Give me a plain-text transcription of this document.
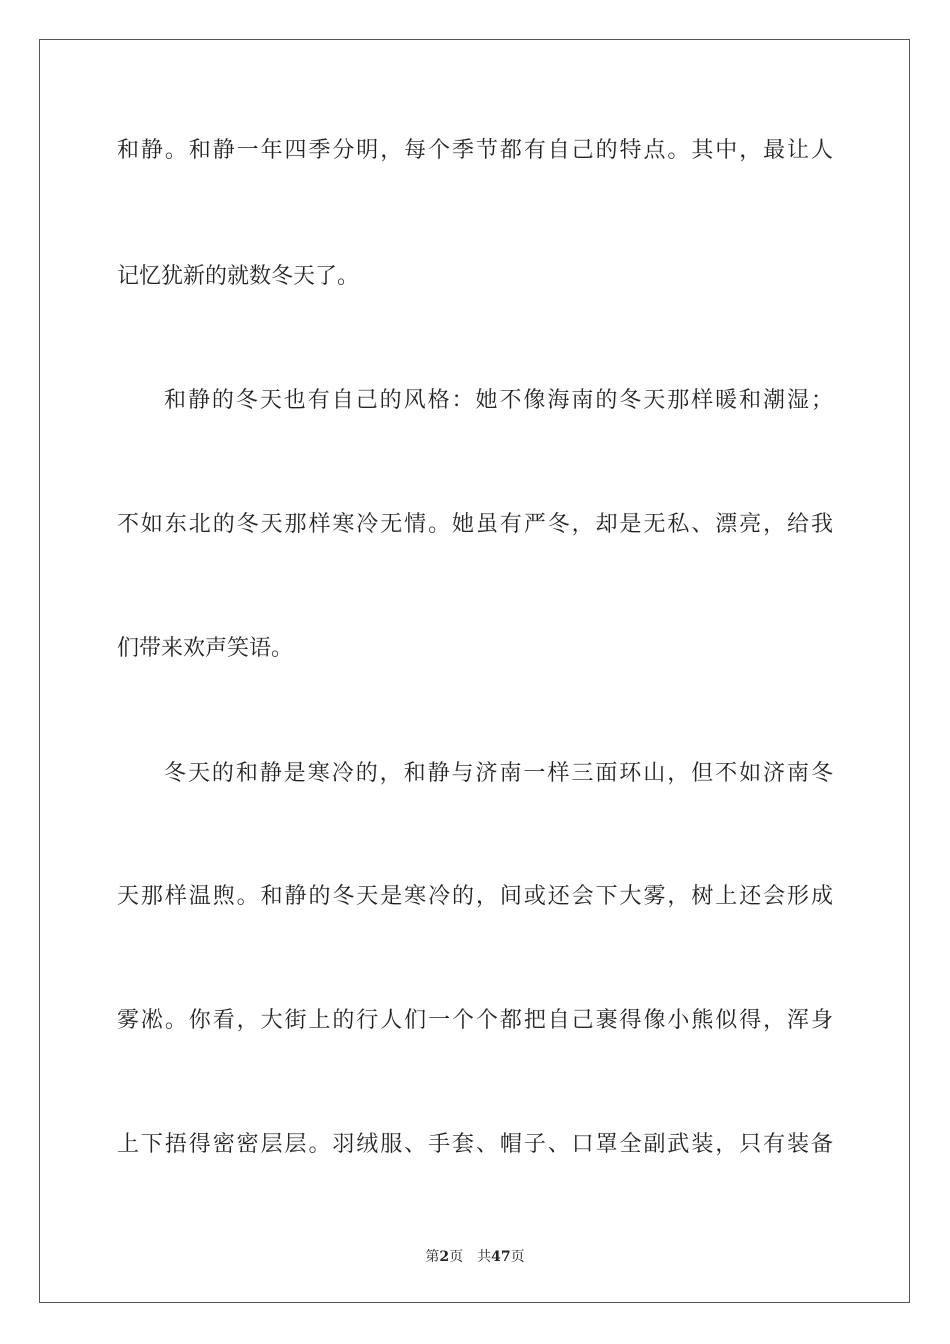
和静。和静一年四季分明，每个季节都有自己的特点。其中，最让人

记忆犹新的就数冬天了。

和静的冬天也有自己的风格：她不像海南的冬天那样暖和潮湿；

不如东北的冬天那样寒冷无情。她虽有严冬，却是无私、漂亮，给我

们带来欢声笑语。

冬天的和静是寒冷的，和静与济南一样三面环山，但不如济南冬

天那样温煦。和静的冬天是寒冷的，间或还会下大雾，树上还会形成

雾凇。你看，大街上的行人们一个个都把自己裹得像小熊似得，浑身

上下捂得密密层层。羽绒服、手套、帽子、口罩全副武装，只有装备

第2页 共47页
